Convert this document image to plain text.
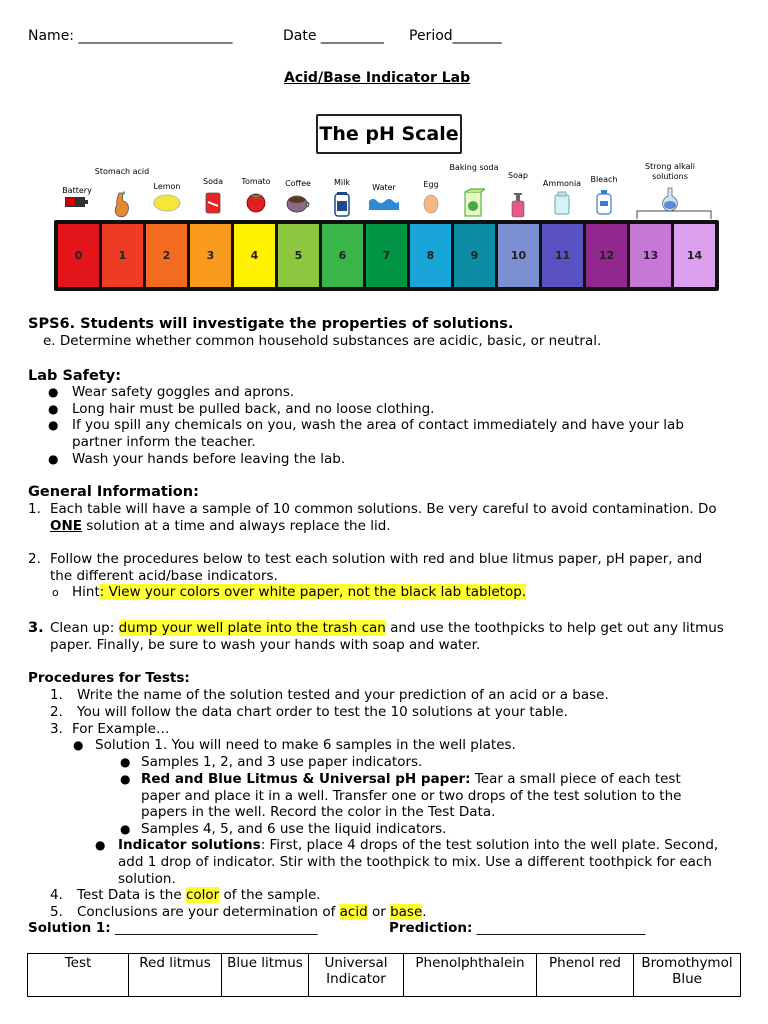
Name: ______________________	Date _________ Period_______
Acid/Base Indicator Lab
The pH Scale
Battery
Stomach acid
Lemon
Soda	Tomato	Coffee	Milk
Water	Egg
Baking soda
Soap
Ammonia	Bleach
Strong alkali solutions
0	1	2	3	4	5	6	7	8	9	10	11	12	13	14
SPS6. Students will investigate the properties of solutions.
e. Determine whether common household substances are acidic, basic, or neutral.
Lab Safety:
● Wear safety goggles and aprons.
● Long hair must be pulled back, and no loose clothing.
● If you spill any chemicals on you, wash the area of contact immediately and have your lab
partner inform the teacher.
● Wash your hands before leaving the lab.
General Information:
1. Each table will have a sample of 10 common solutions. Be very careful to avoid contamination. Do
ONE solution at a time and always replace the lid.
2. Follow the procedures below to test each solution with red and blue litmus paper, pH paper, and
the different acid/base indicators.
o Hint: View your colors over white paper, not the black lab tabletop.
3. Clean up: dump your well plate into the trash can and use the toothpicks to help get out any litmus
paper. Finally, be sure to wash your hands with soap and water.
Procedures for Tests:
1. Write the name of the solution tested and your prediction of an acid or a base.
2. You will follow the data chart order to test the 10 solutions at your table.
3. For Example…
● Solution 1. You will need to make 6 samples in the well plates.
● Samples 1, 2, and 3 use paper indicators.
● Red and Blue Litmus & Universal pH paper: Tear a small piece of each test
paper and place it in a well. Transfer one or two drops of the test solution to the
papers in the well. Record the color in the Test Data.
● Samples 4, 5, and 6 use the liquid indicators.
● Indicator solutions: First, place 4 drops of the test solution into the well plate. Second,
add 1 drop of indicator. Stir with the toothpick to mix. Use a different toothpick for each
solution.
4. Test Data is the color of the sample.
5. Conclusions are your determination of acid or base.
Solution 1: ______________________________	Prediction: _________________________
Test	Red litmus	Blue litmus	Universal Indicator	Phenolphthalein	Phenol red	Bromothymol Blue
